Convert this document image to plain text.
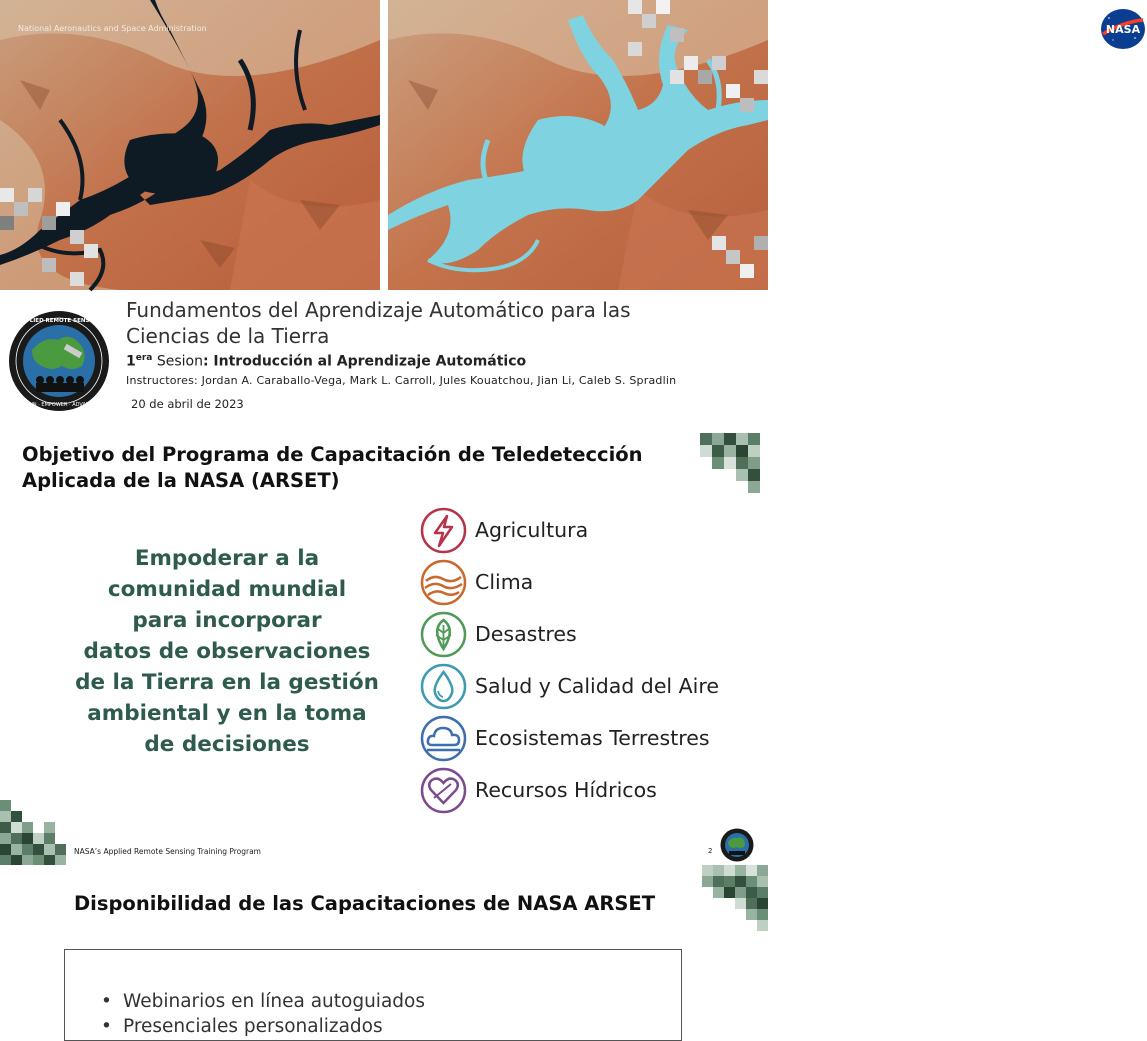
National Aeronautics and Space Administration	NASA
APPLIED REMOTE SENSING
TRAIN · EMPOWER · ADVANCE
Fundamentos del Aprendizaje Automático para las
Ciencias de la Tierra
$1^{era}$ Sesion: Introducción al Aprendizaje Automático
Instructores: Jordan A. Caraballo-Vega, Mark L. Carroll, Jules Kouatchou, Jian Li, Caleb S. Spradlin
20 de abril de 2023
Objetivo del Programa de Capacitación de Teledetección Aplicada de la NASA (ARSET)
Empoderar a la
comunidad mundial
para incorporar
datos de observaciones
de la Tierra en la gestión
ambiental y en la toma
de decisiones
Agricultura
Clima
Desastres
Salud y Calidad del Aire
Ecosistemas Terrestres
Recursos Hídricos
NASA’s Applied Remote Sensing Training Program	2
Disponibilidad de las Capacitaciones de NASA ARSET
• Webinarios en línea autoguiados
• Presenciales personalizados
